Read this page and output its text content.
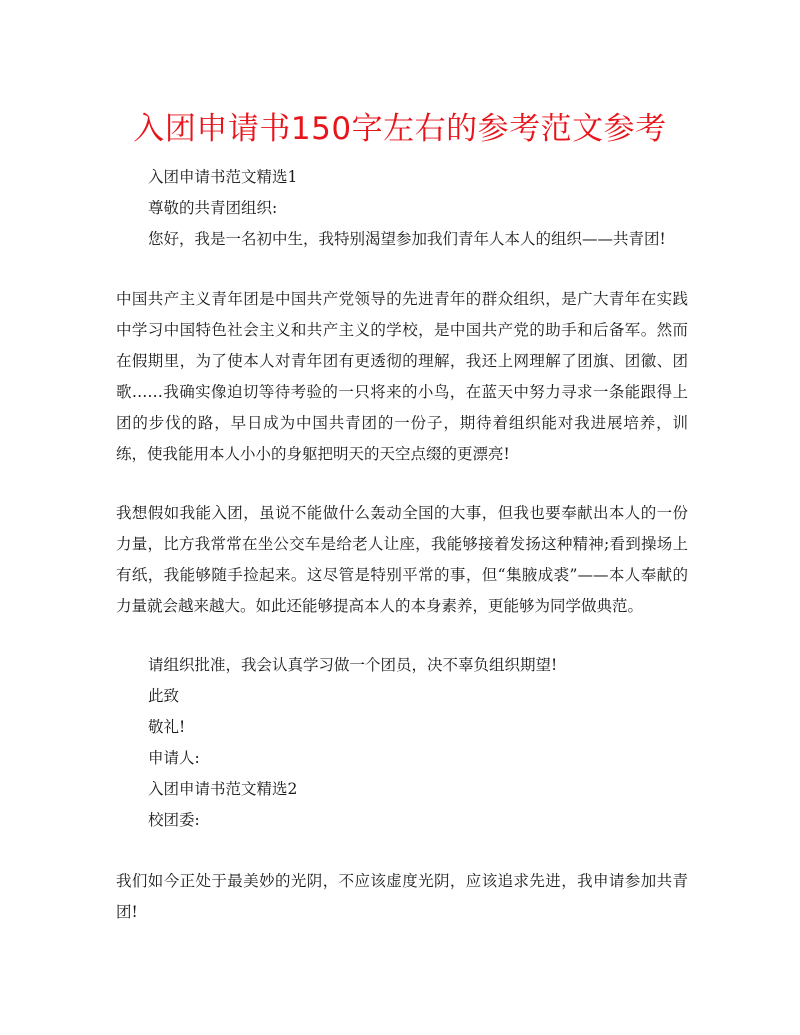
入团申请书150字左右的参考范文参考

入团申请书范文精选1

尊敬的共青团组织:

您好，我是一名初中生，我特别渴望参加我们青年人本人的组织——共青团!

中国共产主义青年团是中国共产党领导的先进青年的群众组织，是广大青年在实践中学习中国特色社会主义和共产主义的学校，是中国共产党的助手和后备军。然而在假期里，为了使本人对青年团有更透彻的理解，我还上网理解了团旗、团徽、团歌……我确实像迫切等待考验的一只将来的小鸟，在蓝天中努力寻求一条能跟得上团的步伐的路，早日成为中国共青团的一份子，期待着组织能对我进展培养，训练，使我能用本人小小的身躯把明天的天空点缀的更漂亮!

我想假如我能入团，虽说不能做什么轰动全国的大事，但我也要奉献出本人的一份力量，比方我常常在坐公交车是给老人让座，我能够接着发扬这种精神;看到操场上有纸，我能够随手捡起来。这尽管是特别平常的事，但“集腋成裘”——本人奉献的力量就会越来越大。如此还能够提高本人的本身素养，更能够为同学做典范。

请组织批准，我会认真学习做一个团员，决不辜负组织期望!

此致

敬礼!

申请人:

入团申请书范文精选2

校团委:

我们如今正处于最美妙的光阴，不应该虚度光阴，应该追求先进，我申请参加共青团!
